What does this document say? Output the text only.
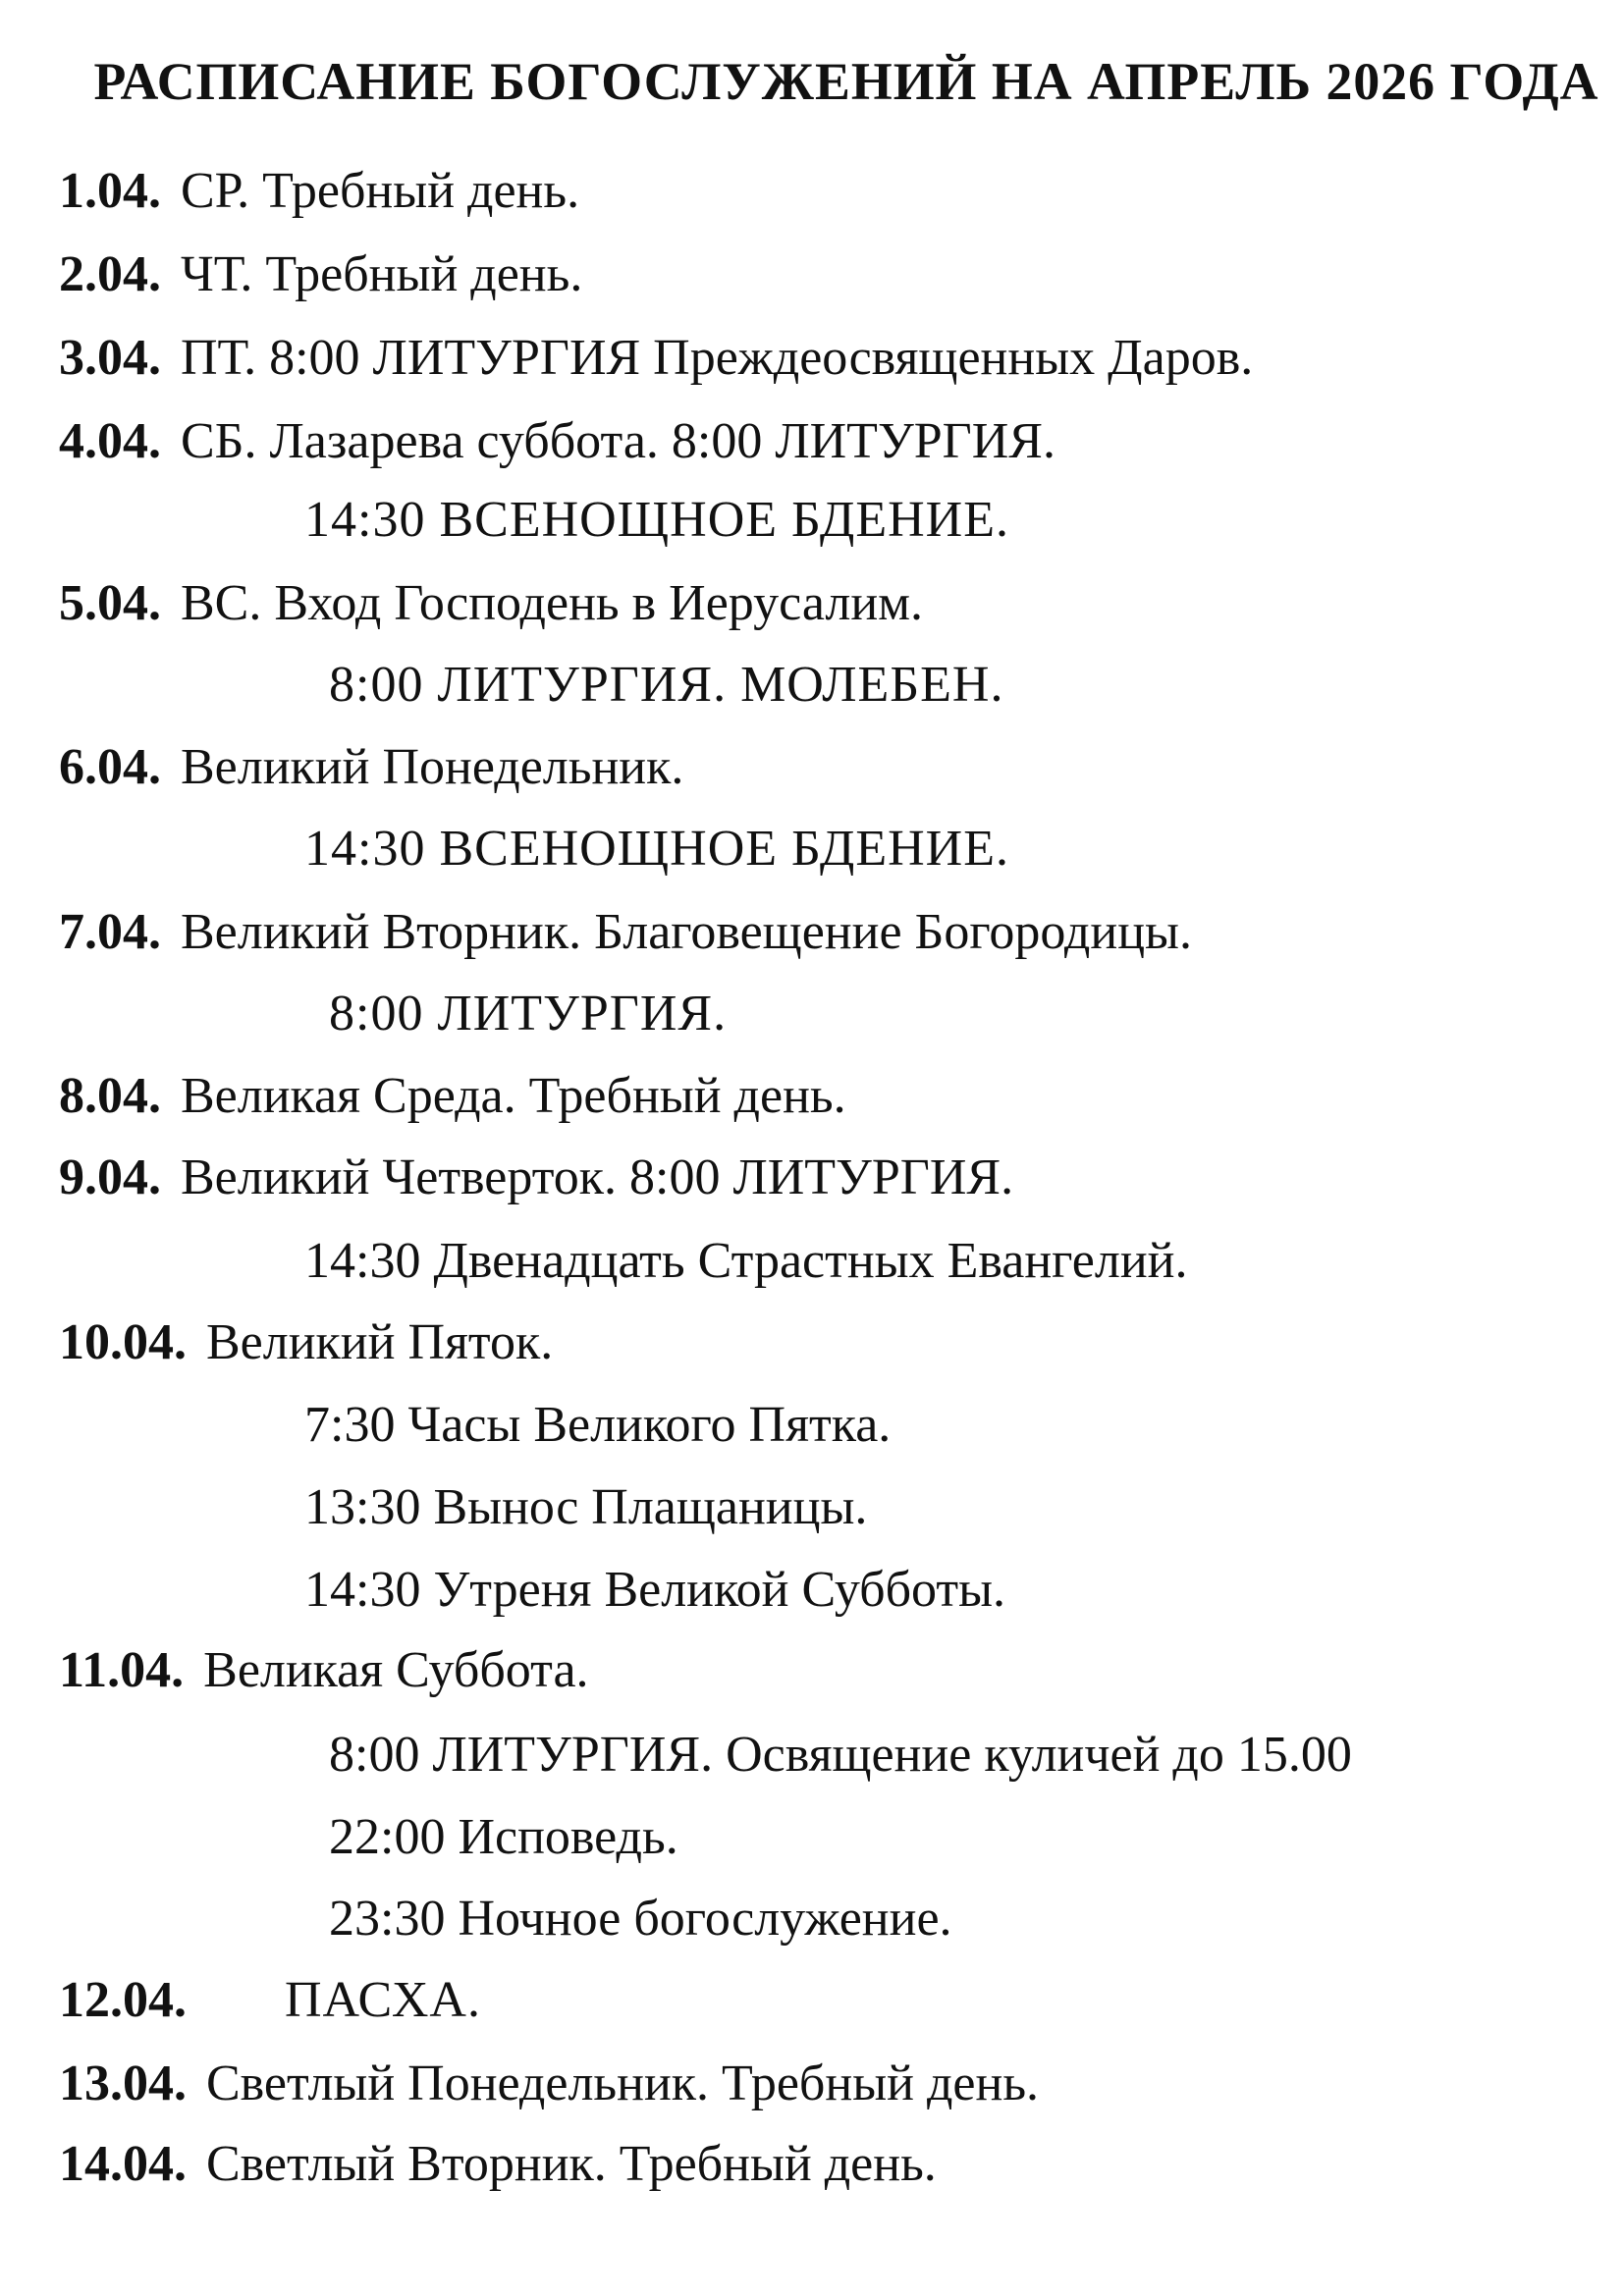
РАСПИСАНИЕ БОГОСЛУЖЕНИЙ НА АПРЕЛЬ 2026 ГОДА
1.04. СР. Требный день.
2.04. ЧТ. Требный день.
3.04. ПТ. 8:00 ЛИТУРГИЯ Преждеосвященных Даров.
4.04. СБ. Лазарева суббота. 8:00 ЛИТУРГИЯ.
14:30 ВСЕНОЩНОЕ БДЕНИЕ.
5.04. ВС. Вход Господень в Иерусалим.
8:00 ЛИТУРГИЯ. МОЛЕБЕН.
6.04. Великий Понедельник.
14:30 ВСЕНОЩНОЕ БДЕНИЕ.
7.04. Великий Вторник. Благовещение Богородицы.
8:00 ЛИТУРГИЯ.
8.04. Великая Среда. Требный день.
9.04. Великий Четверток. 8:00 ЛИТУРГИЯ.
14:30 Двенадцать Страстных Евангелий.
10.04. Великий Пяток.
7:30 Часы Великого Пятка.
13:30 Вынос Плащаницы.
14:30 Утреня Великой Субботы.
11.04. Великая Суббота.
8:00 ЛИТУРГИЯ. Освящение куличей до 15.00
22:00 Исповедь.
23:30 Ночное богослужение.
12.04. ПАСХА.
13.04. Светлый Понедельник. Требный день.
14.04. Светлый Вторник. Требный день.
